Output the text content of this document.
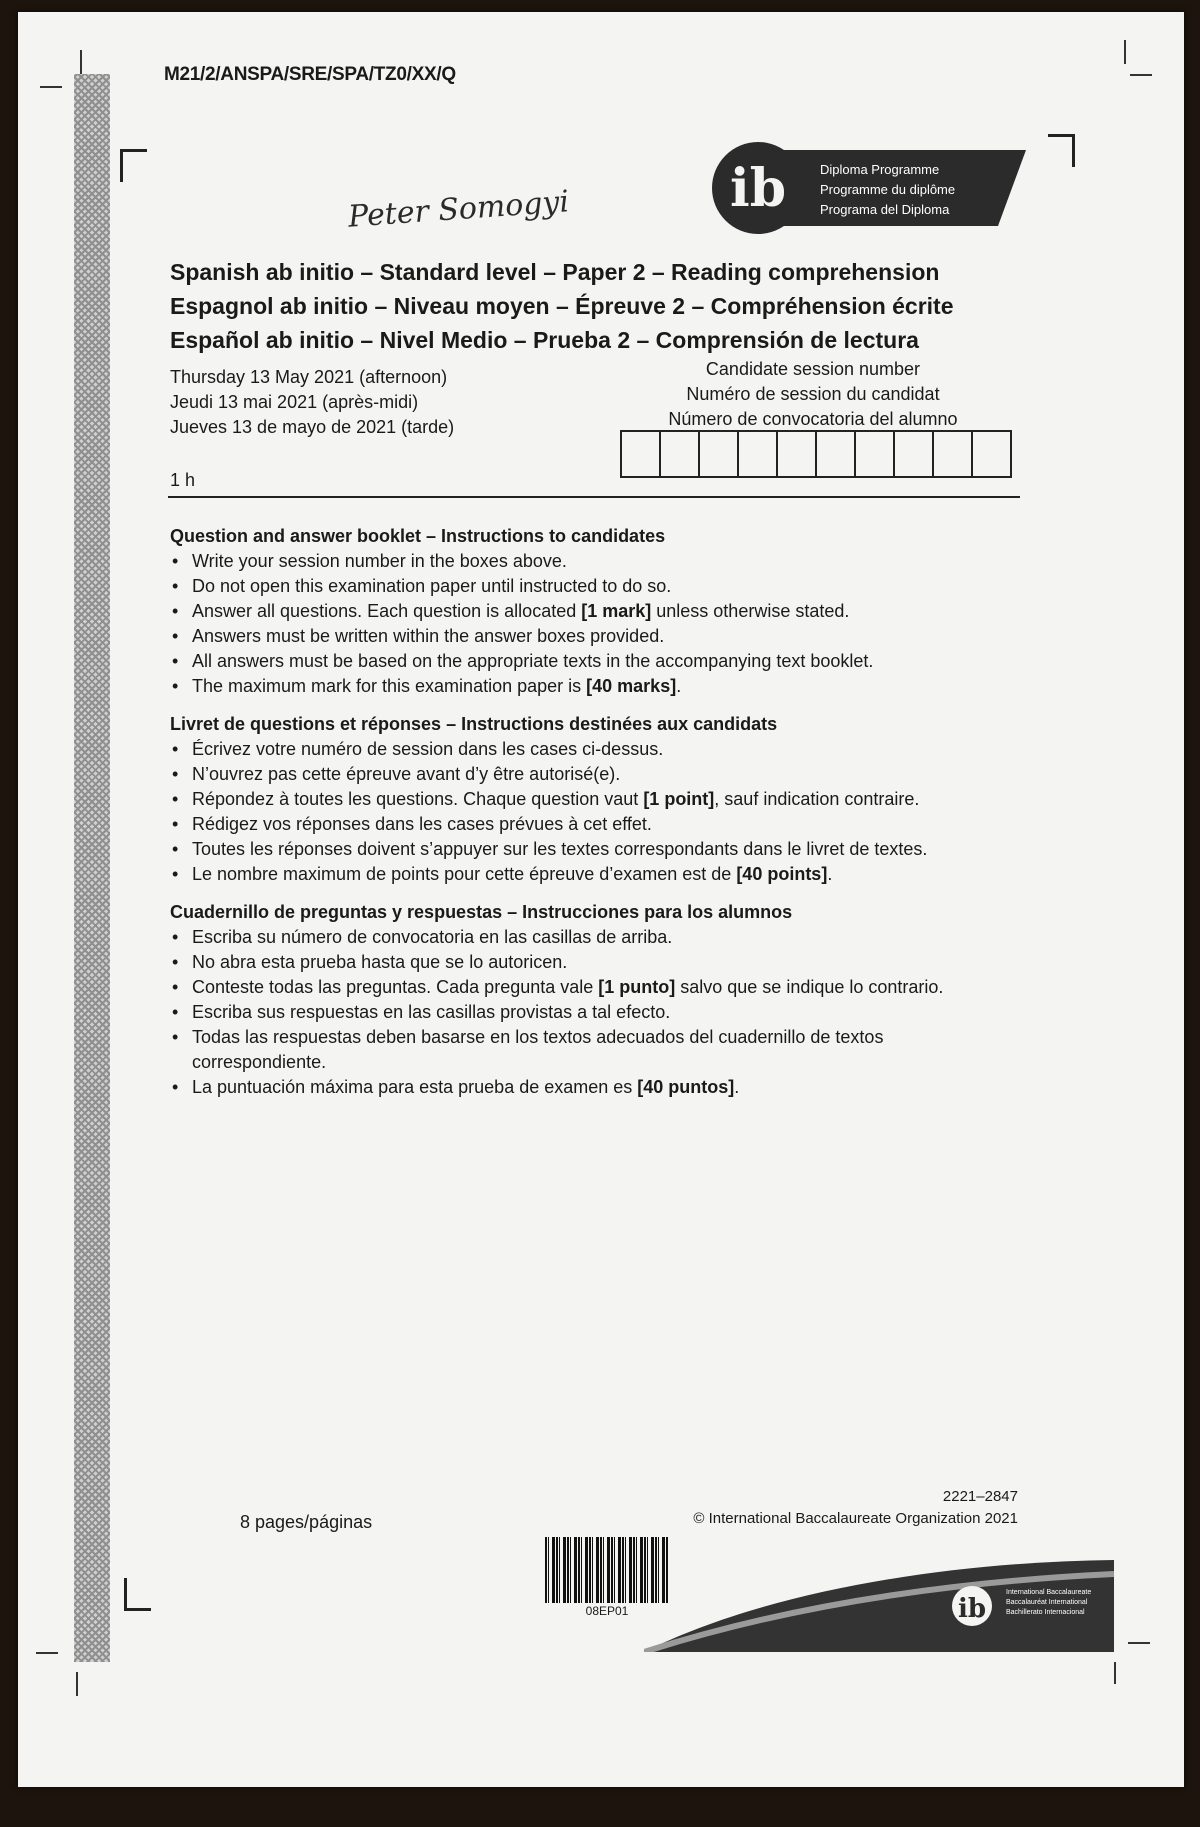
M21/2/ANSPA/SRE/SPA/TZ0/XX/Q
Peter Somogyi	ib	Diploma Programme
Programme du diplôme
Programa del Diploma
Spanish ab initio – Standard level – Paper 2 – Reading comprehension
Espagnol ab initio – Niveau moyen – Épreuve 2 – Compréhension écrite
Español ab initio – Nivel Medio – Prueba 2 – Comprensión de lectura
Thursday 13 May 2021 (afternoon)
Jeudi 13 mai 2021 (après-midi)
Jueves 13 de mayo de 2021 (tarde)
1 h
Candidate session number
Numéro de session du candidat
Número de convocatoria del alumno
Question and answer booklet – Instructions to candidates
• Write your session number in the boxes above.
• Do not open this examination paper until instructed to do so.
• Answer all questions. Each question is allocated [1 mark] unless otherwise stated.
• Answers must be written within the answer boxes provided.
• All answers must be based on the appropriate texts in the accompanying text booklet.
• The maximum mark for this examination paper is [40 marks].
Livret de questions et réponses – Instructions destinées aux candidats
• Écrivez votre numéro de session dans les cases ci-dessus.
• N’ouvrez pas cette épreuve avant d’y être autorisé(e).
• Répondez à toutes les questions. Chaque question vaut [1 point], sauf indication contraire.
• Rédigez vos réponses dans les cases prévues à cet effet.
• Toutes les réponses doivent s’appuyer sur les textes correspondants dans le livret de textes.
• Le nombre maximum de points pour cette épreuve d’examen est de [40 points].
Cuadernillo de preguntas y respuestas – Instrucciones para los alumnos
• Escriba su número de convocatoria en las casillas de arriba.
• No abra esta prueba hasta que se lo autoricen.
• Conteste todas las preguntas. Cada pregunta vale [1 punto] salvo que se indique lo contrario.
• Escriba sus respuestas en las casillas provistas a tal efecto.
• Todas las respuestas deben basarse en los textos adecuados del cuadernillo de textos correspondiente.
• La puntuación máxima para esta prueba de examen es [40 puntos].
8 pages/páginas
2221–2847
© International Baccalaureate Organization 2021
08EP01	ib
International Baccalaureate
Baccalauréat International
Bachillerato Internacional
